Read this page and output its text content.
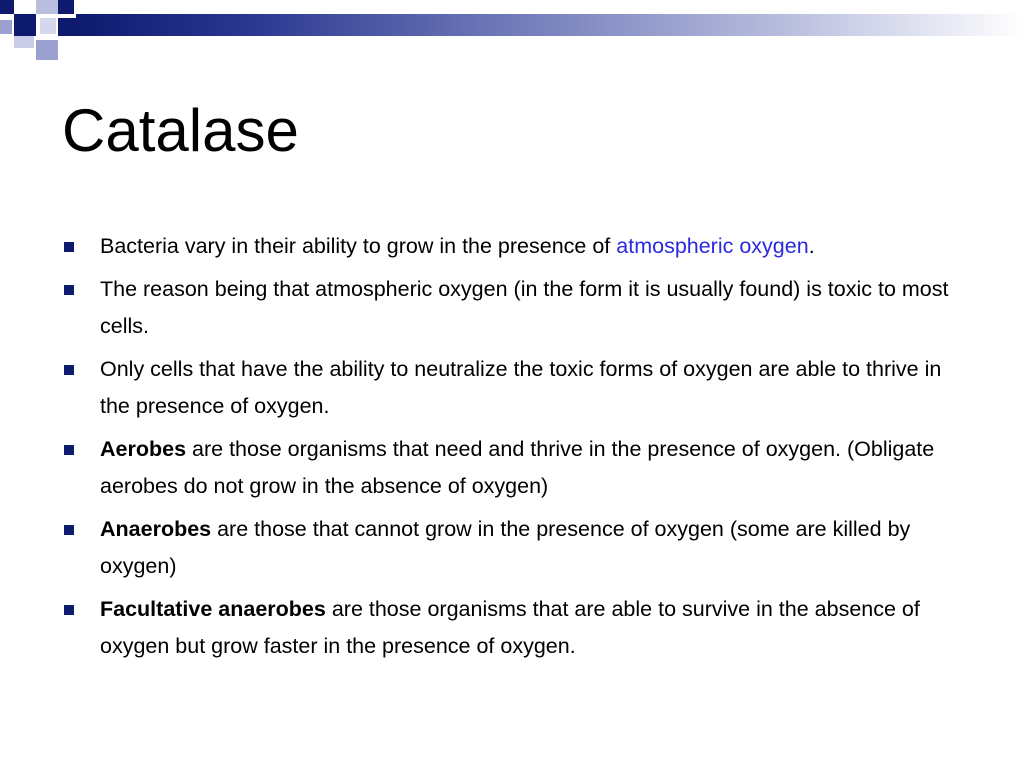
Catalase
Bacteria vary in their ability to grow in the presence of atmospheric oxygen.
The reason being that atmospheric oxygen (in the form it is usually found) is toxic to most cells.
Only cells that have the ability to neutralize the toxic forms of oxygen are able to thrive in the presence of oxygen.
Aerobes are those organisms that need and thrive in the presence of oxygen. (Obligate aerobes do not grow in the absence of oxygen)
Anaerobes are those that cannot grow in the presence of oxygen (some are killed by oxygen)
Facultative anaerobes are those organisms that are able to survive in the absence of oxygen but grow faster in the presence of oxygen.
